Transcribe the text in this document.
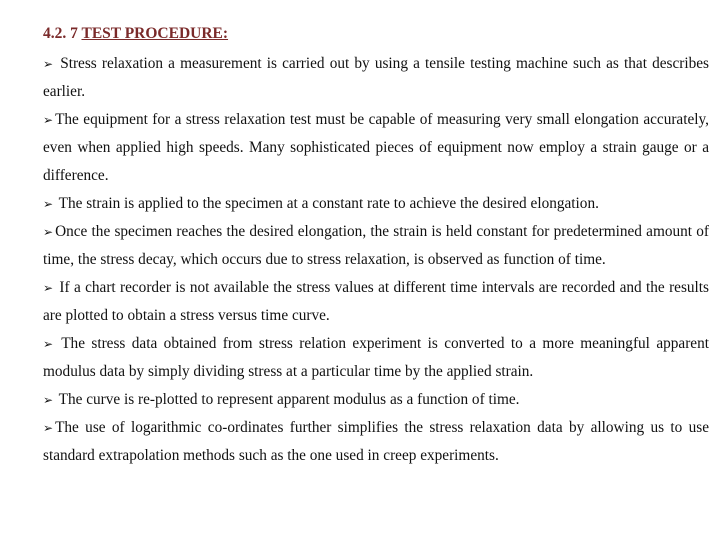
4.2. 7 TEST PROCEDURE:
➢ Stress relaxation a measurement is carried out by using a tensile testing machine such as that describes earlier.
➢ The equipment for a stress relaxation test must be capable of measuring very small elongation accurately, even when applied high speeds. Many sophisticated pieces of equipment now employ a strain gauge or a difference.
➢ The strain is applied to the specimen at a constant rate to achieve the desired elongation.
➢ Once the specimen reaches the desired elongation, the strain is held constant for predetermined amount of time, the stress decay, which occurs due to stress relaxation, is observed as function of time.
➢ If a chart recorder is not available the stress values at different time intervals are recorded and the results are plotted to obtain a stress versus time curve.
➢ The stress data obtained from stress relation experiment is converted to a more meaningful apparent modulus data by simply dividing stress at a particular time by the applied strain.
➢ The curve is re-plotted to represent apparent modulus as a function of time.
➢ The use of logarithmic co-ordinates further simplifies the stress relaxation data by allowing us to use standard extrapolation methods such as the one used in creep experiments.
